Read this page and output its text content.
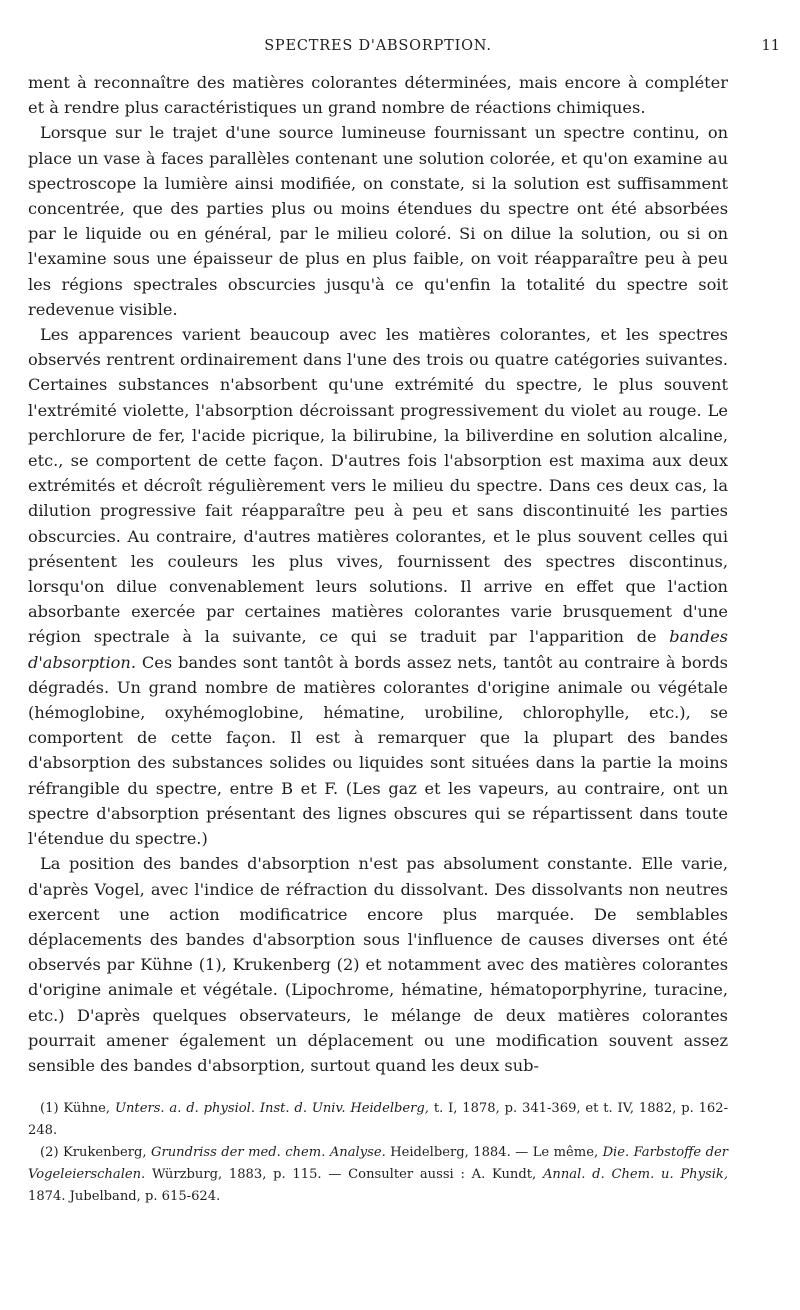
SPECTRES D'ABSORPTION.	11

ment à reconnaître des matières colorantes déterminées, mais encore à compléter et à rendre plus caractéristiques un grand nombre de réactions chimiques.

Lorsque sur le trajet d'une source lumineuse fournissant un spectre continu, on place un vase à faces parallèles contenant une solution colorée, et qu'on examine au spectroscope la lumière ainsi modifiée, on constate, si la solution est suffisamment concentrée, que des parties plus ou moins étendues du spectre ont été absorbées par le liquide ou en général, par le milieu coloré. Si on dilue la solution, ou si on l'examine sous une épaisseur de plus en plus faible, on voit réapparaître peu à peu les régions spectrales obscurcies jusqu'à ce qu'enfin la totalité du spectre soit redevenue visible.

Les apparences varient beaucoup avec les matières colorantes, et les spectres observés rentrent ordinairement dans l'une des trois ou quatre catégories suivantes. Certaines substances n'absorbent qu'une extrémité du spectre, le plus souvent l'extrémité violette, l'absorption décroissant progressivement du violet au rouge. Le perchlorure de fer, l'acide picrique, la bilirubine, la biliverdine en solution alcaline, etc., se comportent de cette façon. D'autres fois l'absorption est maxima aux deux extrémités et décroît régulièrement vers le milieu du spectre. Dans ces deux cas, la dilution progressive fait réapparaître peu à peu et sans discontinuité les parties obscurcies. Au contraire, d'autres matières colorantes, et le plus souvent celles qui présentent les couleurs les plus vives, fournissent des spectres discontinus, lorsqu'on dilue convenablement leurs solutions. Il arrive en effet que l'action absorbante exercée par certaines matières colorantes varie brusquement d'une région spectrale à la suivante, ce qui se traduit par l'apparition de bandes d'absorption. Ces bandes sont tantôt à bords assez nets, tantôt au contraire à bords dégradés. Un grand nombre de matières colorantes d'origine animale ou végétale (hémoglobine, oxyhémoglobine, hématine, urobiline, chlorophylle, etc.), se comportent de cette façon. Il est à remarquer que la plupart des bandes d'absorption des substances solides ou liquides sont situées dans la partie la moins réfrangible du spectre, entre B et F. (Les gaz et les vapeurs, au contraire, ont un spectre d'absorption présentant des lignes obscures qui se répartissent dans toute l'étendue du spectre.)

La position des bandes d'absorption n'est pas absolument constante. Elle varie, d'après Vogel, avec l'indice de réfraction du dissolvant. Des dissolvants non neutres exercent une action modificatrice encore plus marquée. De semblables déplacements des bandes d'absorption sous l'influence de causes diverses ont été observés par Kühne (1), Krukenberg (2) et notamment avec des matières colorantes d'origine animale et végétale. (Lipochrome, hématine, hématoporphyrine, turacine, etc.) D'après quelques observateurs, le mélange de deux matières colorantes pourrait amener également un déplacement ou une modification souvent assez sensible des bandes d'absorption, surtout quand les deux sub-

(1) Kühne, Unters. a. d. physiol. Inst. d. Univ. Heidelberg, t. I, 1878, p. 341-369, et t. IV, 1882, p. 162-248.

(2) Krukenberg, Grundriss der med. chem. Analyse. Heidelberg, 1884. — Le même, Die. Farbstoffe der Vogeleierschalen. Würzburg, 1883, p. 115. — Consulter aussi : A. Kundt, Annal. d. Chem. u. Physik, 1874. Jubelband, p. 615-624.
